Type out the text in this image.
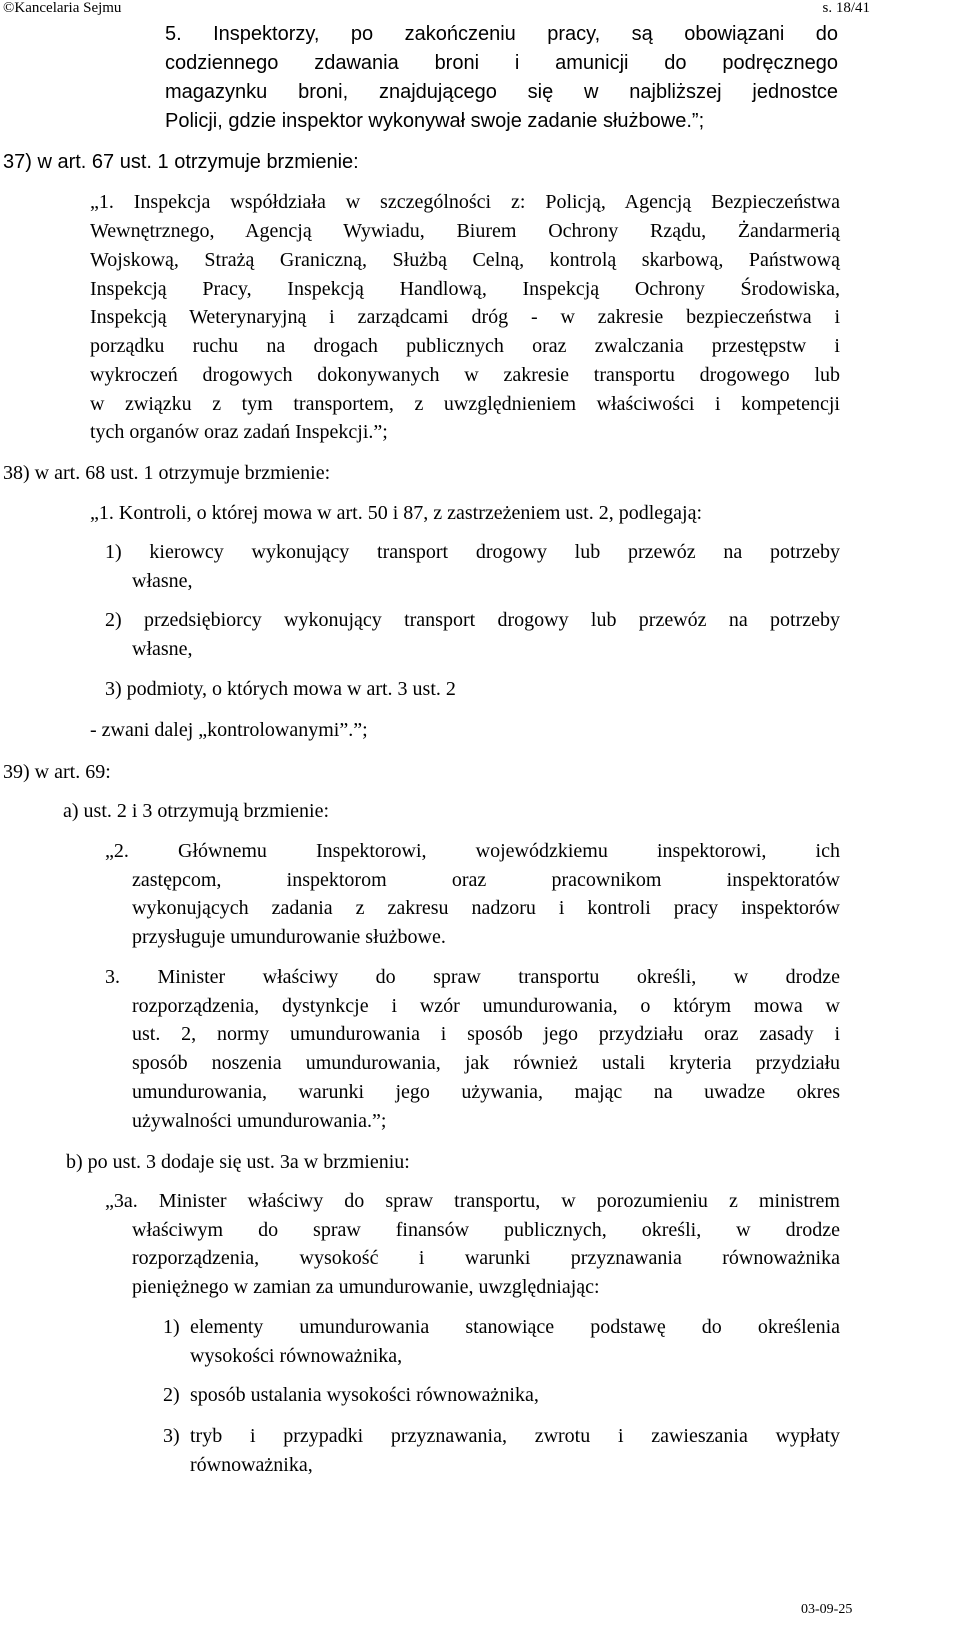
©Kancelaria Sejmu	s. 18/41
5. Inspektorzy, po zakończeniu pracy, są obowiązani do
codziennego zdawania broni i amunicji do podręcznego
magazynku broni, znajdującego się w najbliższej jednostce
Policji, gdzie inspektor wykonywał swoje zadanie służbowe.”;
37) w art. 67 ust. 1 otrzymuje brzmienie:
„1. Inspekcja współdziała w szczególności z: Policją, Agencją Bezpieczeństwa
Wewnętrznego, Agencją Wywiadu, Biurem Ochrony Rządu, Żandarmerią
Wojskową, Strażą Graniczną, Służbą Celną, kontrolą skarbową, Państwową
Inspekcją Pracy, Inspekcją Handlową, Inspekcją Ochrony Środowiska,
Inspekcją Weterynaryjną i zarządcami dróg - w zakresie bezpieczeństwa i
porządku ruchu na drogach publicznych oraz zwalczania przestępstw i
wykroczeń drogowych dokonywanych w zakresie transportu drogowego lub
w związku z tym transportem, z uwzględnieniem właściwości i kompetencji
tych organów oraz zadań Inspekcji.”;
38) w art. 68 ust. 1 otrzymuje brzmienie:
„1. Kontroli, o której mowa w art. 50 i 87, z zastrzeżeniem ust. 2, podlegają:
1) kierowcy wykonujący transport drogowy lub przewóz na potrzeby
własne,
2) przedsiębiorcy wykonujący transport drogowy lub przewóz na potrzeby
własne,
3) podmioty, o których mowa w art. 3 ust. 2
- zwani dalej „kontrolowanymi”.”;
39) w art. 69:
a) ust. 2 i 3 otrzymują brzmienie:
„2. Głównemu Inspektorowi, wojewódzkiemu inspektorowi, ich
zastępcom, inspektorom oraz pracownikom inspektoratów
wykonujących zadania z zakresu nadzoru i kontroli pracy inspektorów
przysługuje umundurowanie służbowe.
3. Minister właściwy do spraw transportu określi, w drodze
rozporządzenia, dystynkcje i wzór umundurowania, o którym mowa w
ust. 2, normy umundurowania i sposób jego przydziału oraz zasady i
sposób noszenia umundurowania, jak również ustali kryteria przydziału
umundurowania, warunki jego używania, mając na uwadze okres
używalności umundurowania.”;
b) po ust. 3 dodaje się ust. 3a w brzmieniu:
„3a. Minister właściwy do spraw transportu, w porozumieniu z ministrem
właściwym do spraw finansów publicznych, określi, w drodze
rozporządzenia, wysokość i warunki przyznawania równoważnika
pieniężnego w zamian za umundurowanie, uwzględniając:
1) elementy umundurowania stanowiące podstawę do określenia
wysokości równoważnika,
2) sposób ustalania wysokości równoważnika,
3) tryb i przypadki przyznawania, zwrotu i zawieszania wypłaty
równoważnika,
03-09-25
